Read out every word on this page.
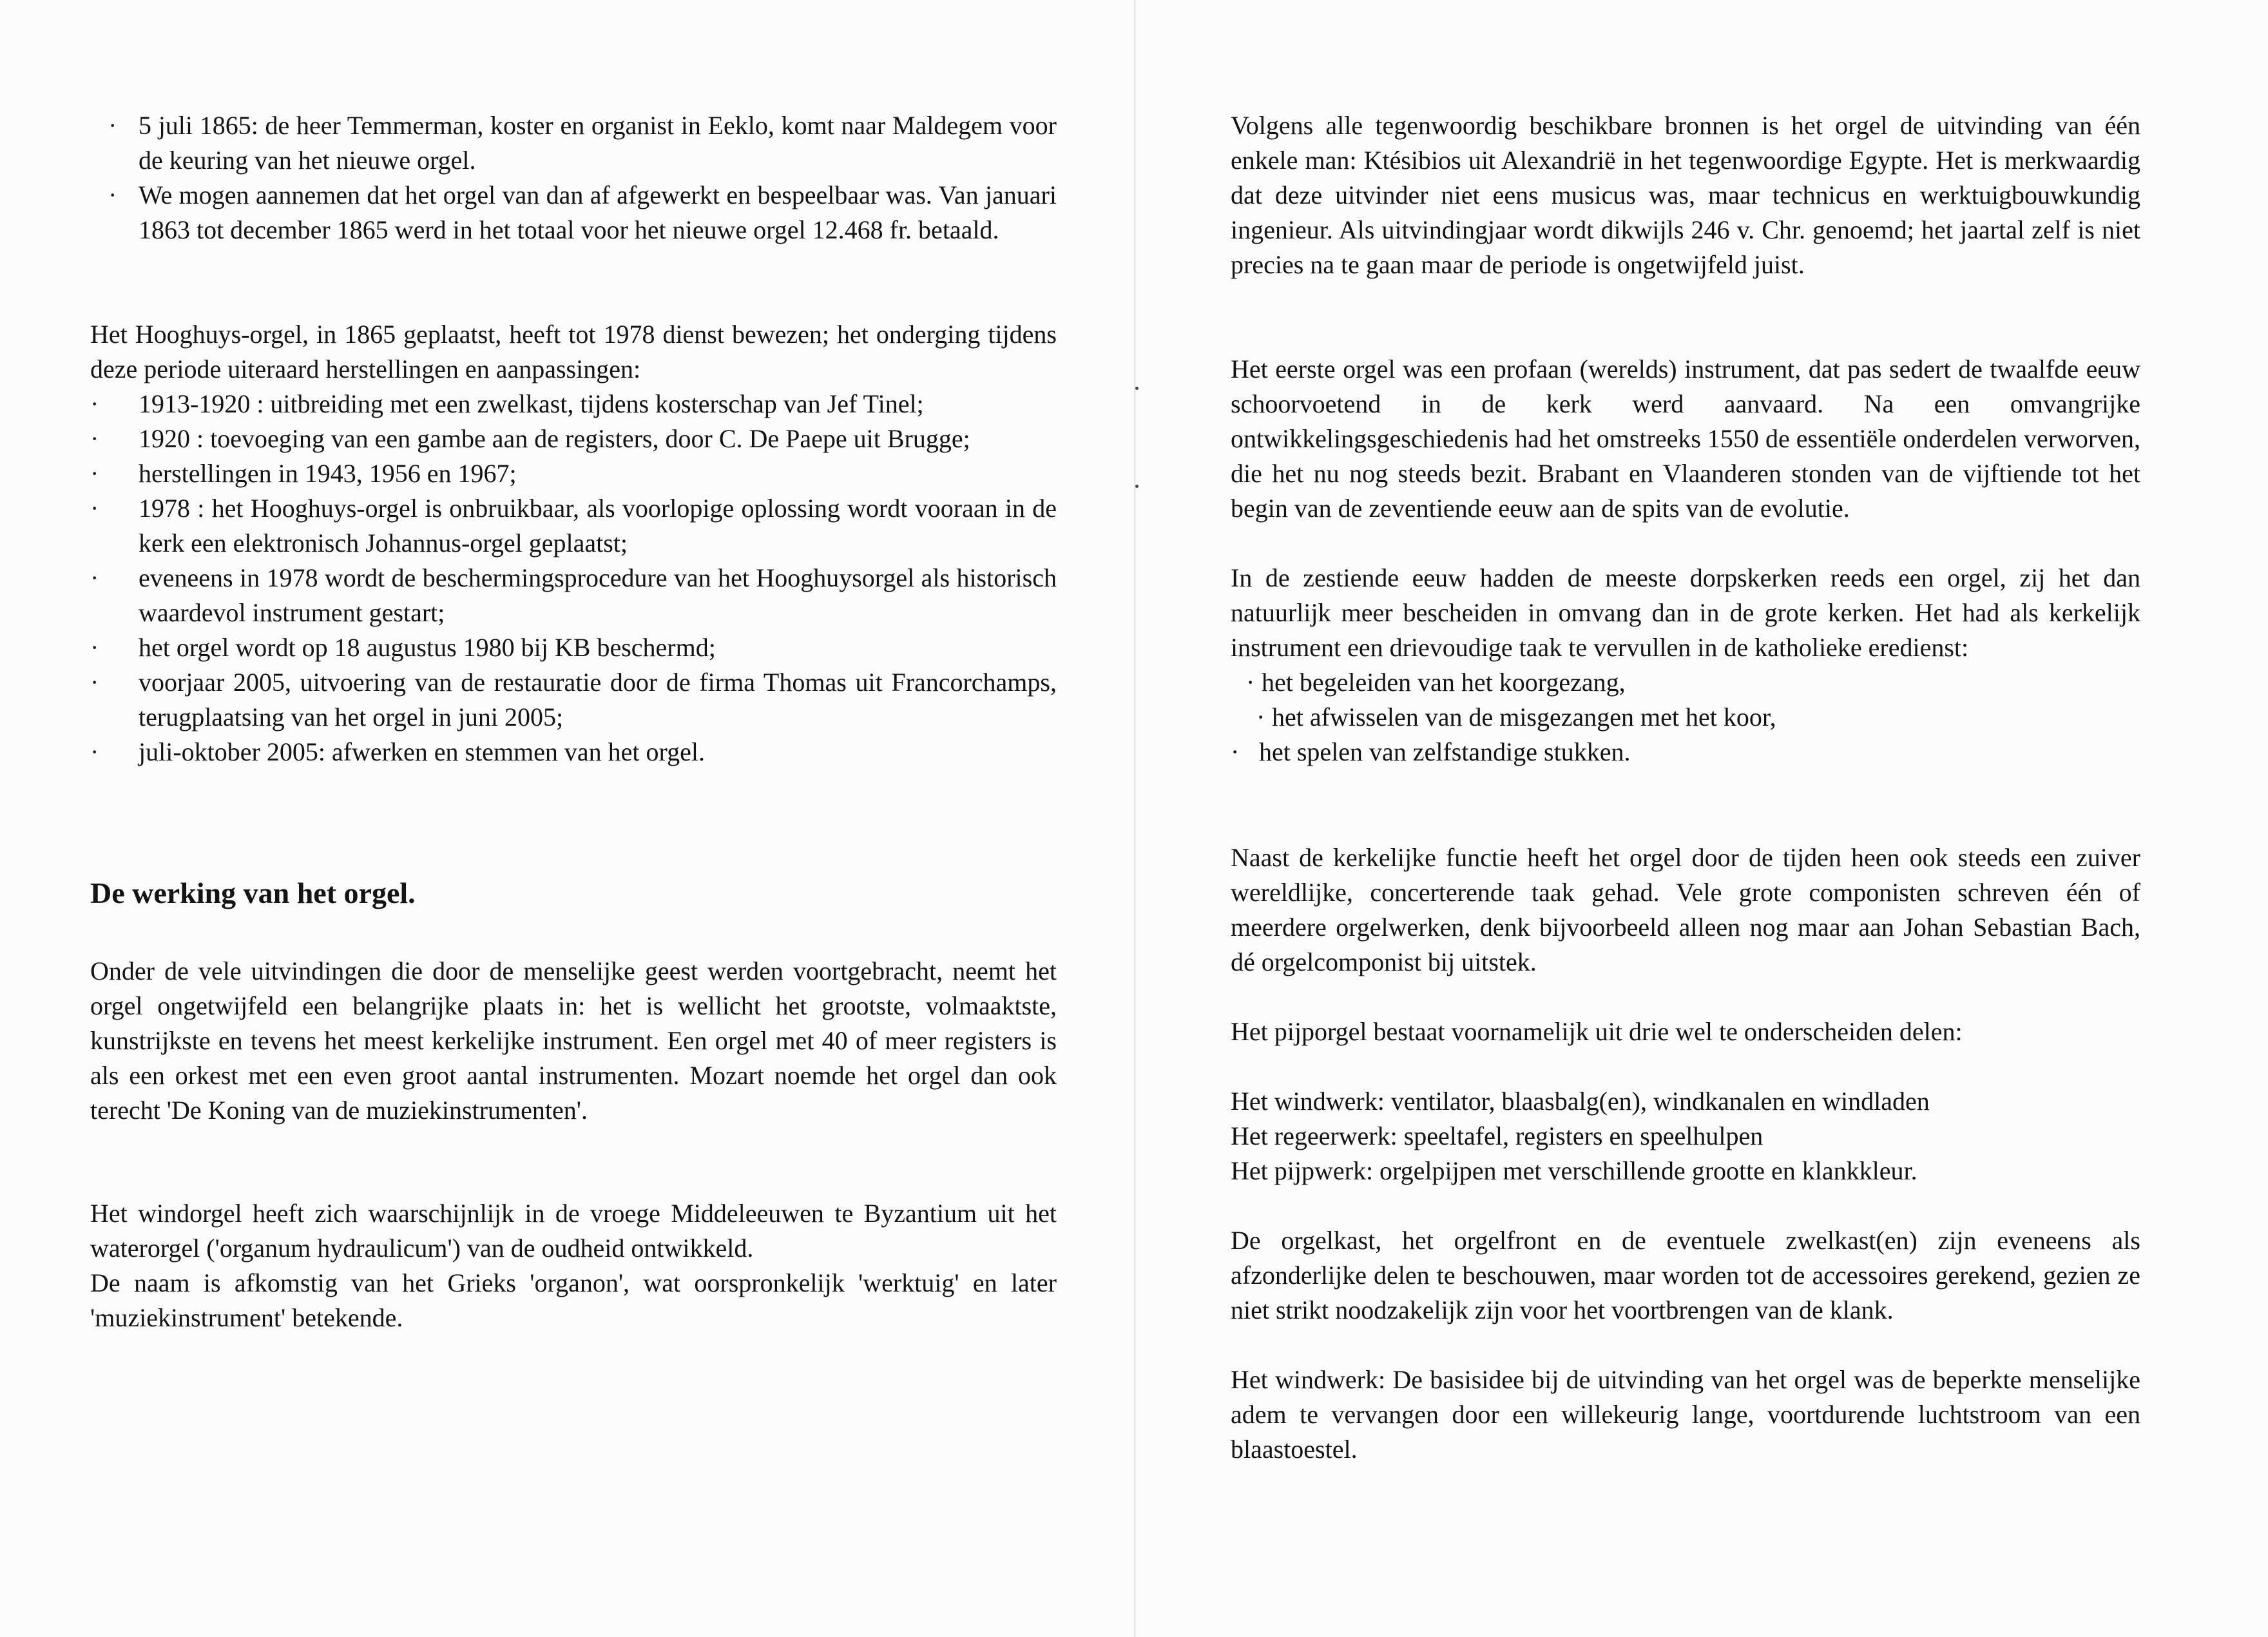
· 5 juli 1865: de heer Temmerman, koster en organist in Eeklo, komt naar Maldegem voor de keuring van het nieuwe orgel.
· We mogen aannemen dat het orgel van dan af afgewerkt en bespeelbaar was. Van januari 1863 tot december 1865 werd in het totaal voor het nieuwe orgel 12.468 fr. betaald.

Het Hooghuys-orgel, in 1865 geplaatst, heeft tot 1978 dienst bewezen; het onderging tijdens deze periode uiteraard herstellingen en aanpassingen:

· 1913-1920 : uitbreiding met een zwelkast, tijdens kosterschap van Jef Tinel;
· 1920 : toevoeging van een gambe aan de registers, door C. De Paepe uit Brugge;
· herstellingen in 1943, 1956 en 1967;
· 1978 : het Hooghuys-orgel is onbruikbaar, als voorlopige oplossing wordt vooraan in de kerk een elektronisch Johannus-orgel geplaatst;
· eveneens in 1978 wordt de beschermingsprocedure van het Hooghuysorgel als historisch waardevol instrument gestart;
· het orgel wordt op 18 augustus 1980 bij KB beschermd;
· voorjaar 2005, uitvoering van de restauratie door de firma Thomas uit Francorchamps, terugplaatsing van het orgel in juni 2005;
· juli-oktober 2005: afwerken en stemmen van het orgel.
De werking van het orgel.

Onder de vele uitvindingen die door de menselijke geest werden voortgebracht, neemt het orgel ongetwijfeld een belangrijke plaats in: het is wellicht het grootste, volmaaktste, kunstrijkste en tevens het meest kerkelijke instrument. Een orgel met 40 of meer registers is als een orkest met een even groot aantal instrumenten. Mozart noemde het orgel dan ook terecht 'De Koning van de muziekinstrumenten'.

Het windorgel heeft zich waarschijnlijk in de vroege Middeleeuwen te Byzantium uit het waterorgel ('organum hydraulicum') van de oudheid ontwikkeld.

De naam is afkomstig van het Grieks 'organon', wat oorspronkelijk 'werktuig' en later 'muziekinstrument' betekende.

Volgens alle tegenwoordig beschikbare bronnen is het orgel de uitvinding van één enkele man: Ktésibios uit Alexandrië in het tegenwoordige Egypte. Het is merkwaardig dat deze uitvinder niet eens musicus was, maar technicus en werktuigbouwkundig ingenieur. Als uitvindingjaar wordt dikwijls 246 v. Chr. genoemd; het jaartal zelf is niet precies na te gaan maar de periode is ongetwijfeld juist.

Het eerste orgel was een profaan (werelds) instrument, dat pas sedert de twaalfde eeuw schoorvoetend in de kerk werd aanvaard. Na een omvangrijke ontwikkelingsgeschiedenis had het omstreeks 1550 de essentiële onderdelen verworven, die het nu nog steeds bezit. Brabant en Vlaanderen stonden van de vijftiende tot het begin van de zeventiende eeuw aan de spits van de evolutie.

In de zestiende eeuw hadden de meeste dorpskerken reeds een orgel, zij het dan natuurlijk meer bescheiden in omvang dan in de grote kerken. Het had als kerkelijk instrument een drievoudige taak te vervullen in de katholieke eredienst:

· het begeleiden van het koorgezang,
· het afwisselen van de misgezangen met het koor,
· het spelen van zelfstandige stukken.

Naast de kerkelijke functie heeft het orgel door de tijden heen ook steeds een zuiver wereldlijke, concerterende taak gehad. Vele grote componisten schreven één of meerdere orgelwerken, denk bijvoorbeeld alleen nog maar aan Johan Sebastian Bach, dé orgelcomponist bij uitstek.

Het pijporgel bestaat voornamelijk uit drie wel te onderscheiden delen:

Het windwerk: ventilator, blaasbalg(en), windkanalen en windladen
Het regeerwerk: speeltafel, registers en speelhulpen
Het pijpwerk: orgelpijpen met verschillende grootte en klankkleur.

De orgelkast, het orgelfront en de eventuele zwelkast(en) zijn eveneens als afzonderlijke delen te beschouwen, maar worden tot de accessoires gerekend, gezien ze niet strikt noodzakelijk zijn voor het voortbrengen van de klank.

Het windwerk: De basisidee bij de uitvinding van het orgel was de beperkte menselijke adem te vervangen door een willekeurig lange, voortdurende luchtstroom van een blaastoestel.
